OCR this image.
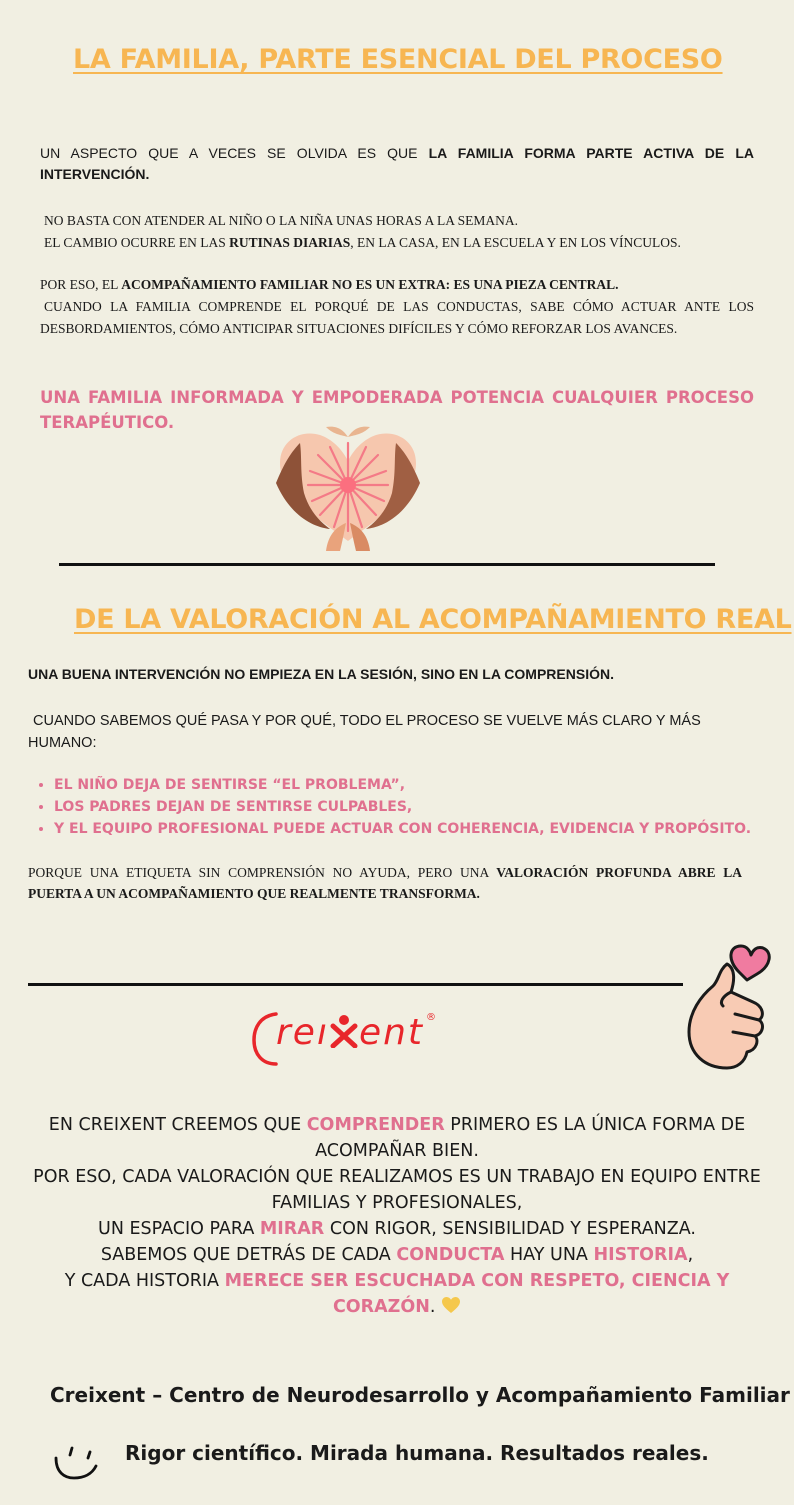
LA FAMILIA, PARTE ESENCIAL DEL PROCESO
UN ASPECTO QUE A VECES SE OLVIDA ES QUE LA FAMILIA FORMA PARTE ACTIVA DE LA INTERVENCIÓN.
NO BASTA CON ATENDER AL NIÑO O LA NIÑA UNAS HORAS A LA SEMANA.
EL CAMBIO OCURRE EN LAS RUTINAS DIARIAS, EN LA CASA, EN LA ESCUELA Y EN LOS VÍNCULOS.
POR ESO, EL ACOMPAÑAMIENTO FAMILIAR NO ES UN EXTRA: ES UNA PIEZA CENTRAL.
CUANDO LA FAMILIA COMPRENDE EL PORQUÉ DE LAS CONDUCTAS, SABE CÓMO ACTUAR ANTE LOS DESBORDAMIENTOS, CÓMO ANTICIPAR SITUACIONES DIFÍCILES Y CÓMO REFORZAR LOS AVANCES.
UNA FAMILIA INFORMADA Y EMPODERADA POTENCIA CUALQUIER PROCESO TERAPÉUTICO.
DE LA VALORACIÓN AL ACOMPAÑAMIENTO REAL
UNA BUENA INTERVENCIÓN NO EMPIEZA EN LA SESIÓN, SINO EN LA COMPRENSIÓN.
CUANDO SABEMOS QUÉ PASA Y POR QUÉ, TODO EL PROCESO SE VUELVE MÁS CLARO Y MÁS HUMANO:
• EL NIÑO DEJA DE SENTIRSE “EL PROBLEMA”,
• LOS PADRES DEJAN DE SENTIRSE CULPABLES,
• Y EL EQUIPO PROFESIONAL PUEDE ACTUAR CON COHERENCIA, EVIDENCIA Y PROPÓSITO.
PORQUE UNA ETIQUETA SIN COMPRENSIÓN NO AYUDA, PERO UNA VALORACIÓN PROFUNDA ABRE LA PUERTA A UN ACOMPAÑAMIENTO QUE REALMENTE TRANSFORMA.
reı ent ®
EN CREIXENT CREEMOS QUE COMPRENDER PRIMERO ES LA ÚNICA FORMA DE ACOMPAÑAR BIEN.
POR ESO, CADA VALORACIÓN QUE REALIZAMOS ES UN TRABAJO EN EQUIPO ENTRE FAMILIAS Y PROFESIONALES,
UN ESPACIO PARA MIRAR CON RIGOR, SENSIBILIDAD Y ESPERANZA.
SABEMOS QUE DETRÁS DE CADA CONDUCTA HAY UNA HISTORIA,
Y CADA HISTORIA MERECE SER ESCUCHADA CON RESPETO, CIENCIA Y CORAZÓN.
Creixent – Centro de Neurodesarrollo y Acompañamiento Familiar
Rigor científico. Mirada humana. Resultados reales.
